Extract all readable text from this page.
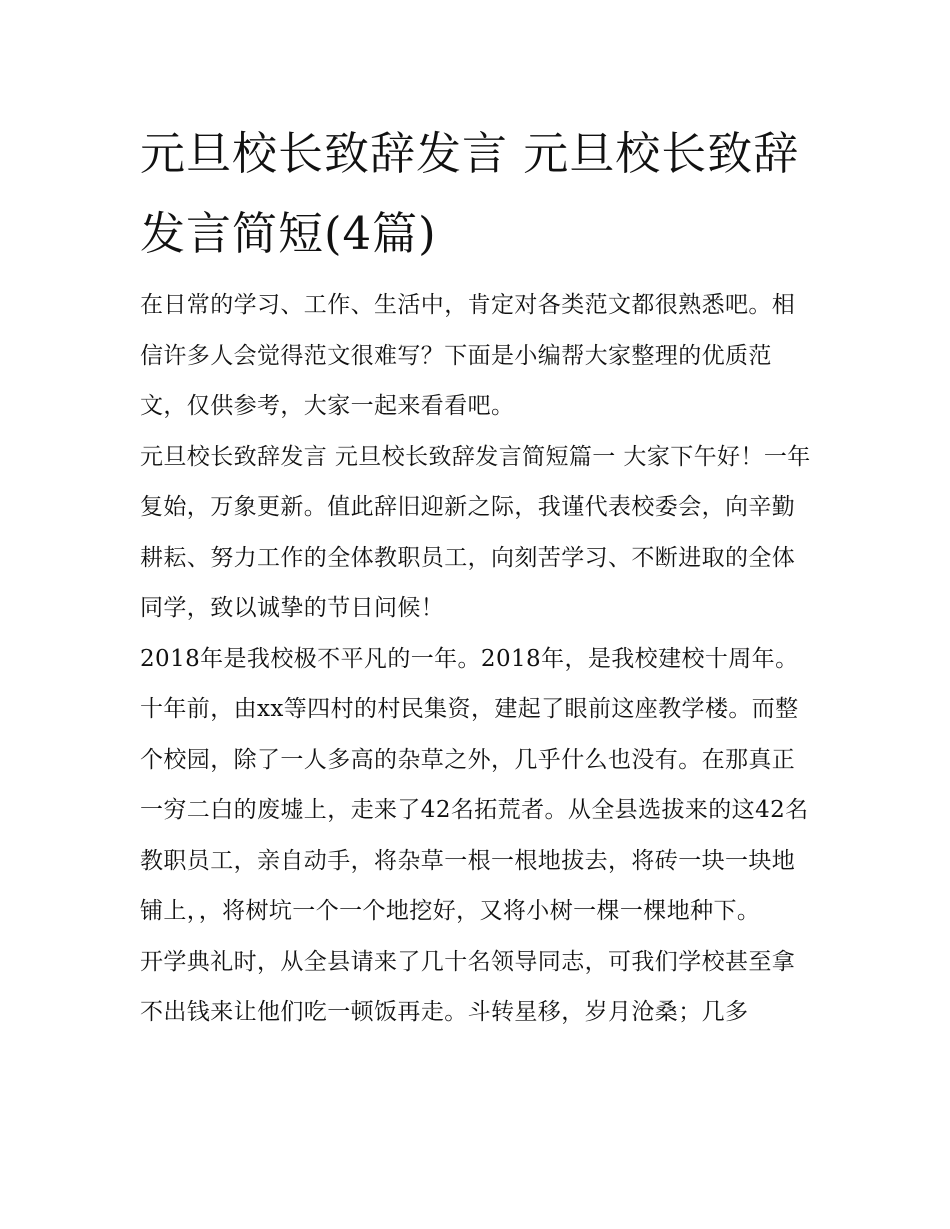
元旦校长致辞发言 元旦校长致辞发言简短(4篇)

在日常的学习、工作、生活中，肯定对各类范文都很熟悉吧。相信许多人会觉得范文很难写？下面是小编帮大家整理的优质范文，仅供参考，大家一起来看看吧。

元旦校长致辞发言 元旦校长致辞发言简短篇一 大家下午好！一年复始，万象更新。值此辞旧迎新之际，我谨代表校委会，向辛勤耕耘、努力工作的全体教职员工，向刻苦学习、不断进取的全体同学，致以诚挚的节日问候！

2018年是我校极不平凡的一年。2018年，是我校建校十周年。十年前，由xx等四村的村民集资，建起了眼前这座教学楼。而整个校园，除了一人多高的杂草之外，几乎什么也没有。在那真正一穷二白的废墟上，走来了42名拓荒者。从全县选拔来的这42名教职员工，亲自动手，将杂草一根一根地拔去，将砖一块一块地铺上，，将树坑一个一个地挖好，又将小树一棵一棵地种下。

开学典礼时，从全县请来了几十名领导同志，可我们学校甚至拿不出钱来让他们吃一顿饭再走。斗转星移，岁月沧桑；几多
